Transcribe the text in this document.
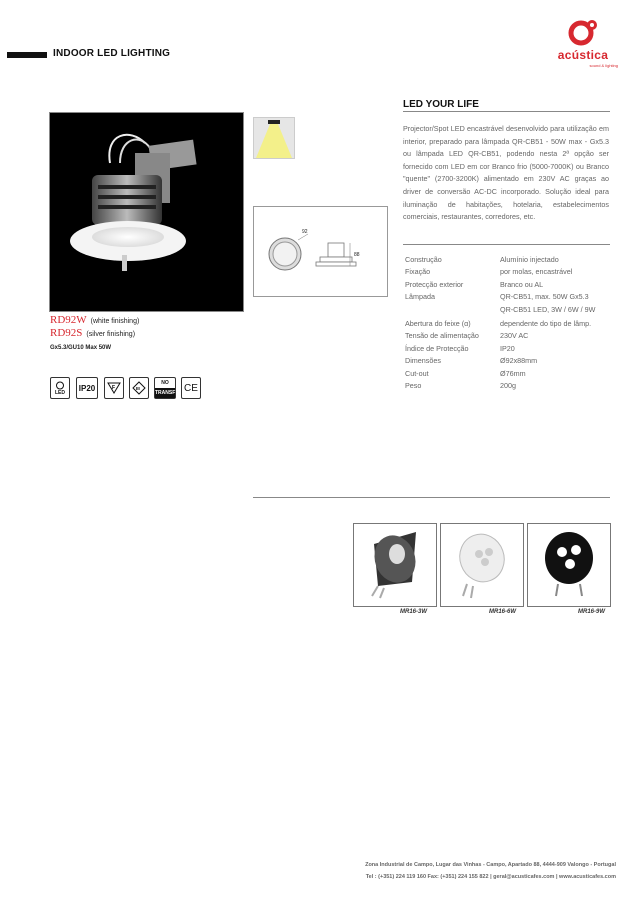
INDOOR LED LIGHTING	acústica
sound & lighting
RD92W (white finishing)
RD92S (silver finishing)
Gx5.3/GU10 Max 50W
LED	IP20	F	III
NO
TRANSF CE
92
88
LED YOUR LIFE
Projector/Spot LED encastrável desenvolvido para utilização em interior, preparado para lâmpada QR-CB51 - 50W max - Gx5.3 ou lâmpada LED QR-CB51, podendo nesta 2ª opção ser fornecido com LED em cor Branco frio (5000-7000K) ou Branco "quente" (2700-3200K) alimentado em 230V AC graças ao driver de conversão AC-DC incorporado. Solução ideal para iluminação de habitações, hotelaria, estabelecimentos comerciais, restaurantes, corredores, etc.
Construção	Alumínio injectado
Fixação	por molas, encastrável
Protecção exterior	Branco ou AL
Lâmpada	QR-CB51, max. 50W Gx5.3
QR-CB51 LED, 3W / 6W / 9W
Abertura do feixe (α)	dependente do tipo de lâmp.
Tensão de alimentação	230V AC
Índice de Protecção	IP20
Dimensões	Ø92x88mm
Cut-out	Ø76mm
Peso	200g
MR16-3W	MR16-6W	MR16-9W
Zona Industrial de Campo, Lugar das Vinhas - Campo, Apartado 88, 4444-909 Valongo - Portugal
Tel : (+351) 224 119 160 Fax: (+351) 224 155 822 | geral@acusticafes.com | www.acusticafes.com
